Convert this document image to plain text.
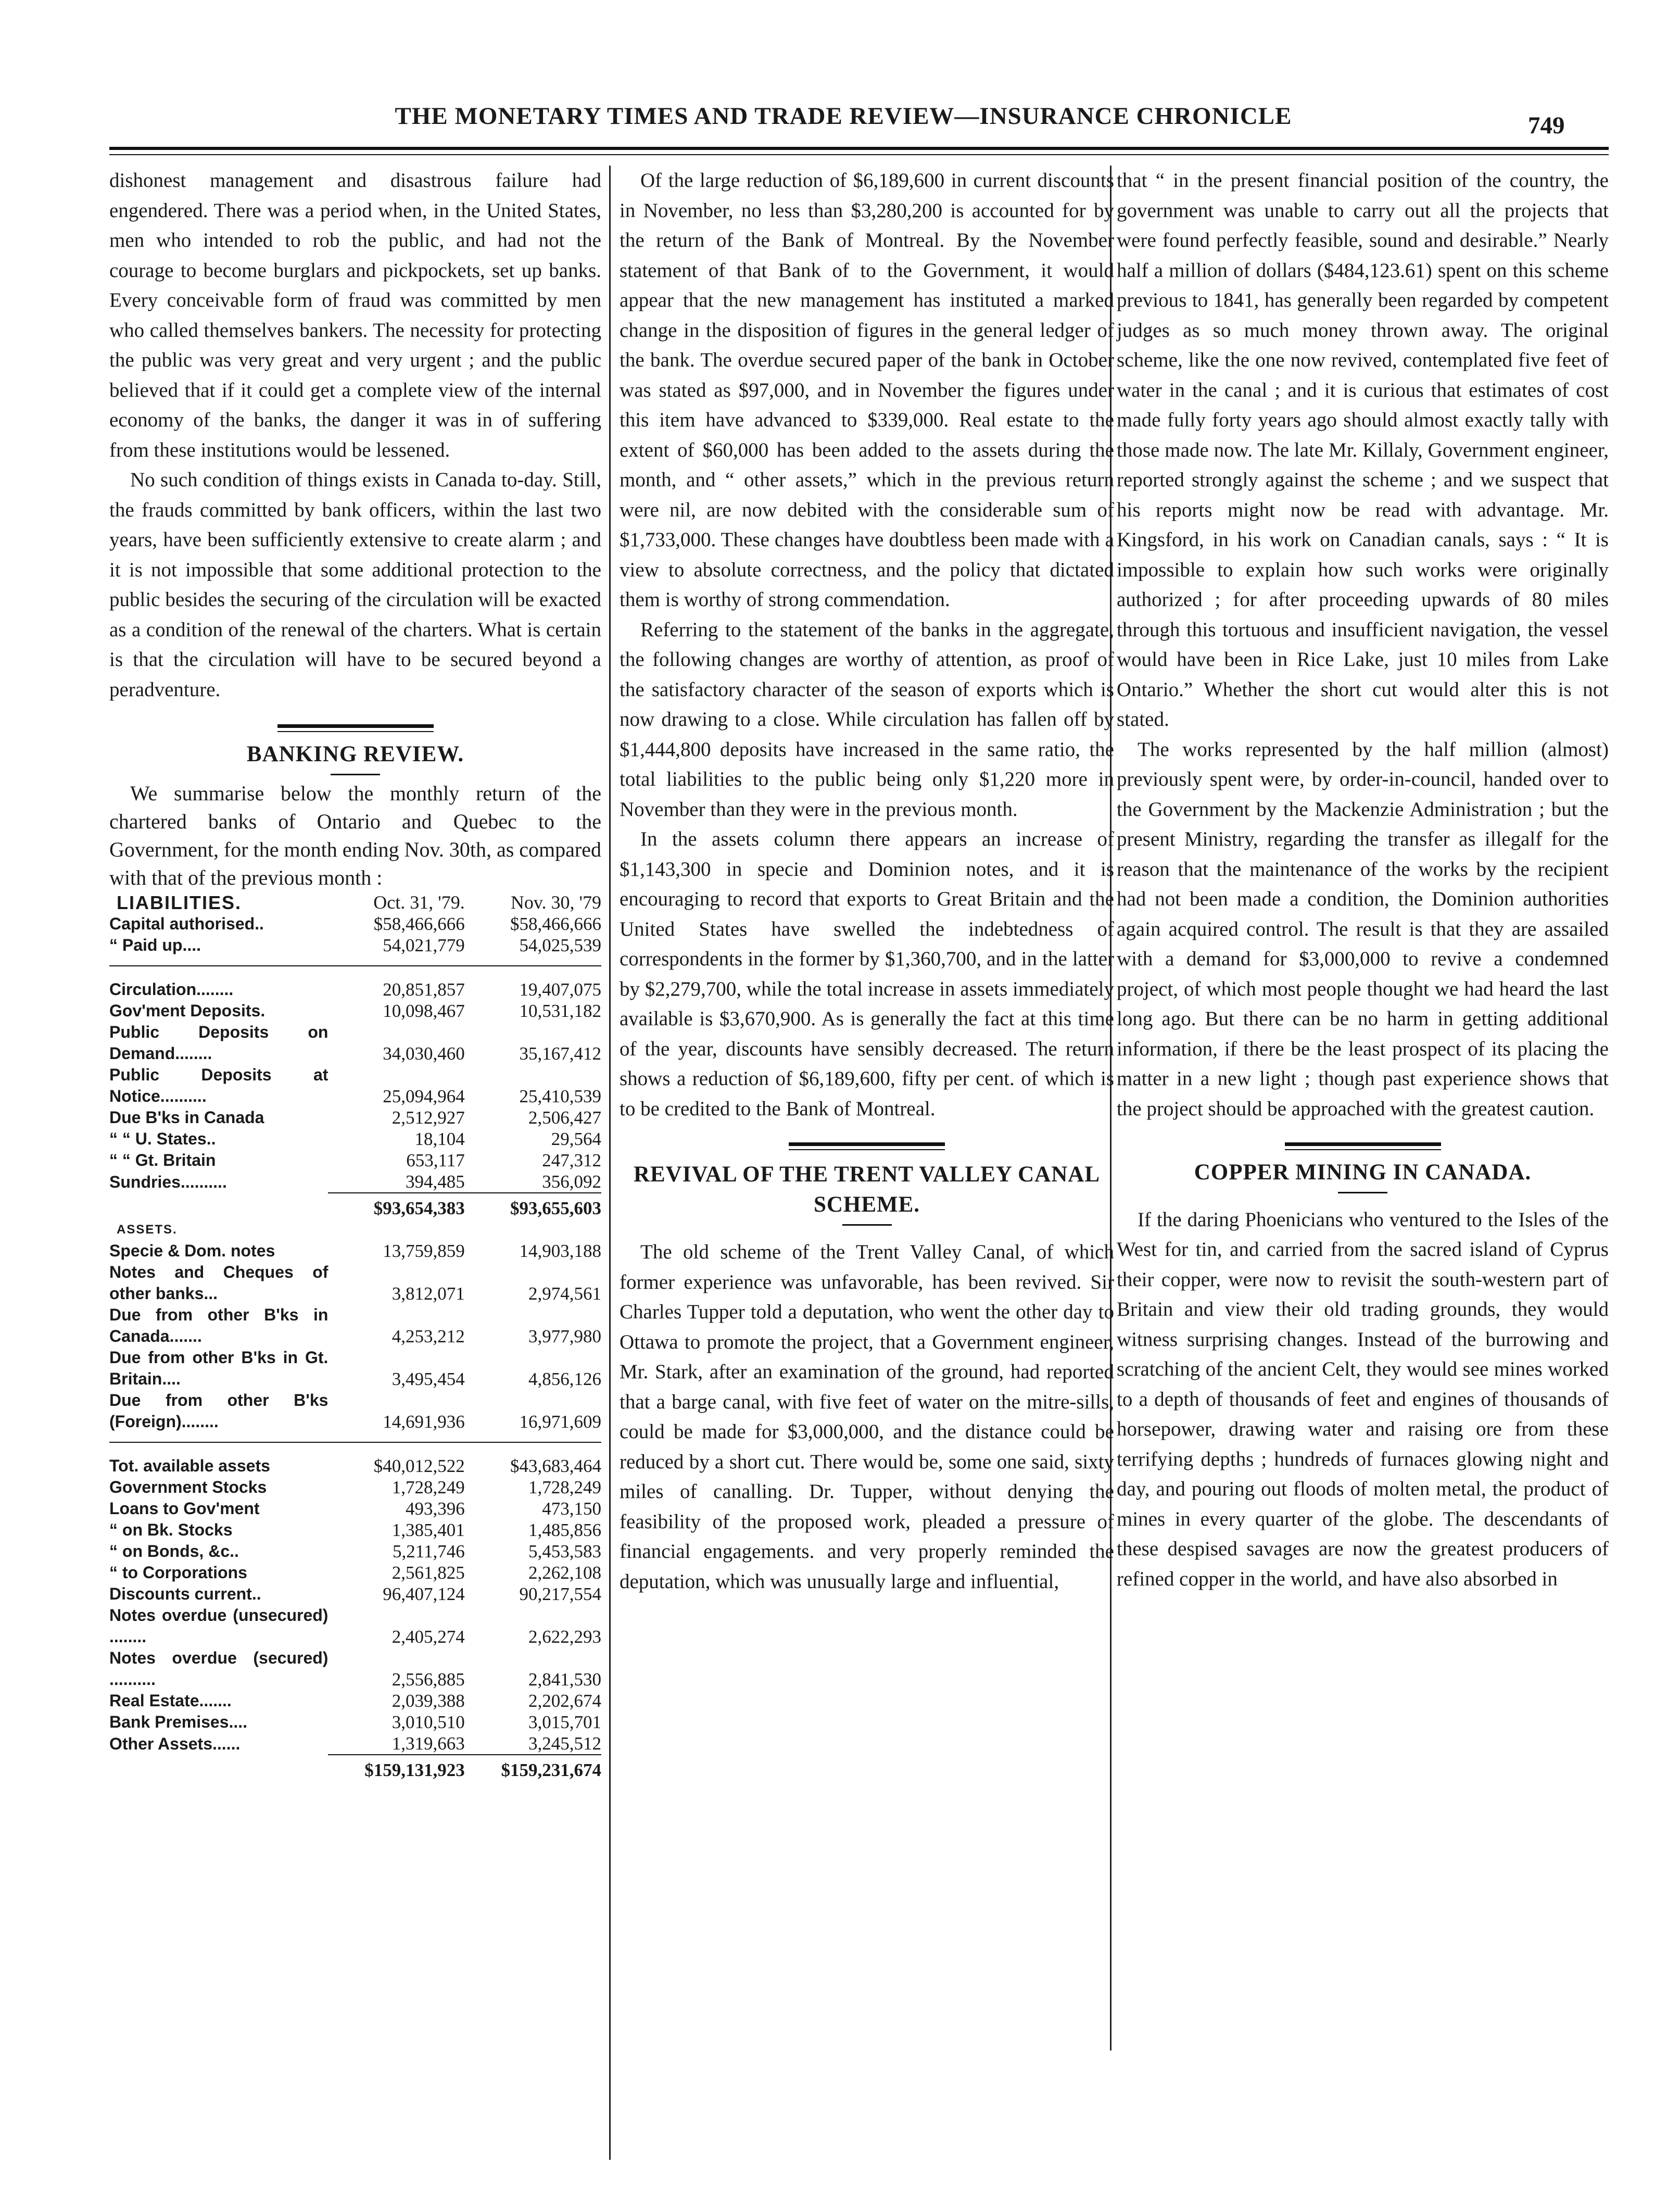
THE MONETARY TIMES AND TRADE REVIEW—INSURANCE CHRONICLE	749

dishonest management and disastrous failure had engendered. There was a period when, in the United States, men who intended to rob the public, and had not the courage to become burglars and pickpockets, set up banks. Every conceivable form of fraud was committed by men who called themselves bankers. The necessity for protecting the public was very great and very urgent ; and the public believed that if it could get a complete view of the internal economy of the banks, the danger it was in of suffering from these institutions would be lessened.

No such condition of things exists in Canada to-day. Still, the frauds committed by bank officers, within the last two years, have been sufficiently extensive to create alarm ; and it is not impossible that some additional protection to the public besides the securing of the circulation will be exacted as a condition of the renewal of the charters. What is certain is that the circulation will have to be secured beyond a peradventure.

BANKING REVIEW.

We summarise below the monthly return of the chartered banks of Ontario and Quebec to the Government, for the month ending Nov. 30th, as compared with that of the previous month :

LIABILITIES.	Oct. 31, '79.	Nov. 30, '79
Capital authorised..	$58,466,666	$58,466,666
“ Paid up....	54,021,779	54,025,539

Circulation........	20,851,857	19,407,075
Gov'ment Deposits.	10,098,467	10,531,182
Public Deposits on Demand........	34,030,460	35,167,412
Public Deposits at Notice..........	25,094,964	25,410,539
Due B'ks in Canada	2,512,927	2,506,427
“ “ U. States..	18,104	29,564
“ “ Gt. Britain	653,117	247,312
Sundries..........	394,485	356,092
	$93,654,383	$93,655,603
ASSETS.		
Specie & Dom. notes	13,759,859	14,903,188
Notes and Cheques of other banks...	3,812,071	2,974,561
Due from other B'ks in Canada.......	4,253,212	3,977,980
Due from other B'ks in Gt. Britain....	3,495,454	4,856,126
Due from other B'ks (Foreign)........	14,691,936	16,971,609

Tot. available assets	$40,012,522	$43,683,464
Government Stocks	1,728,249	1,728,249
Loans to Gov'ment	493,396	473,150
“ on Bk. Stocks	1,385,401	1,485,856
“ on Bonds, &c..	5,211,746	5,453,583
“ to Corporations	2,561,825	2,262,108
Discounts current..	96,407,124	90,217,554
Notes overdue (unsecured) ........	2,405,274	2,622,293
Notes overdue (secured) ..........	2,556,885	2,841,530
Real Estate.......	2,039,388	2,202,674
Bank Premises....	3,010,510	3,015,701
Other Assets......	1,319,663	3,245,512
	$159,131,923	$159,231,674

Of the large reduction of $6,189,600 in current discounts in November, no less than $3,280,200 is accounted for by the return of the Bank of Montreal. By the November statement of that Bank of to the Government, it would appear that the new management has instituted a marked change in the disposition of figures in the general ledger of the bank. The overdue secured paper of the bank in October was stated as $97,000, and in November the figures under this item have advanced to $339,000. Real estate to the extent of $60,000 has been added to the assets during the month, and “ other assets,” which in the previous return were nil, are now debited with the considerable sum of $1,733,000. These changes have doubtless been made with a view to absolute correctness, and the policy that dictated them is worthy of strong commendation.

Referring to the statement of the banks in the aggregate, the following changes are worthy of attention, as proof of the satisfactory character of the season of exports which is now drawing to a close. While circulation has fallen off by $1,444,800 deposits have increased in the same ratio, the total liabilities to the public being only $1,220 more in November than they were in the previous month.

In the assets column there appears an increase of $1,143,300 in specie and Dominion notes, and it is encouraging to record that exports to Great Britain and the United States have swelled the indebtedness of correspondents in the former by $1,360,700, and in the latter by $2,279,700, while the total increase in assets immediately available is $3,670,900. As is generally the fact at this time of the year, discounts have sensibly decreased. The return shows a reduction of $6,189,600, fifty per cent. of which is to be credited to the Bank of Montreal.

REVIVAL OF THE TRENT VALLEY CANAL SCHEME.

The old scheme of the Trent Valley Canal, of which former experience was unfavorable, has been revived. Sir Charles Tupper told a deputation, who went the other day to Ottawa to promote the project, that a Government engineer, Mr. Stark, after an examination of the ground, had reported that a barge canal, with five feet of water on the mitre-sills, could be made for $3,000,000, and the distance could be reduced by a short cut. There would be, some one said, sixty miles of canalling. Dr. Tupper, without denying the feasibility of the proposed work, pleaded a pressure of financial engagements. and very properly reminded the deputation, which was unusually large and influential,

that “ in the present financial position of the country, the government was unable to carry out all the projects that were found perfectly feasible, sound and desirable.” Nearly half a million of dollars ($484,123.61) spent on this scheme previous to 1841, has generally been regarded by competent judges as so much money thrown away. The original scheme, like the one now revived, contemplated five feet of water in the canal ; and it is curious that estimates of cost made fully forty years ago should almost exactly tally with those made now. The late Mr. Killaly, Government engineer, reported strongly against the scheme ; and we suspect that his reports might now be read with advantage. Mr. Kingsford, in his work on Canadian canals, says : “ It is impossible to explain how such works were originally authorized ; for after proceeding upwards of 80 miles through this tortuous and insufficient navigation, the vessel would have been in Rice Lake, just 10 miles from Lake Ontario.” Whether the short cut would alter this is not stated.

The works represented by the half million (almost) previously spent were, by order-in-council, handed over to the Government by the Mackenzie Administration ; but the present Ministry, regarding the transfer as illegalf for the reason that the maintenance of the works by the recipient had not been made a condition, the Dominion authorities again acquired control. The result is that they are assailed with a demand for $3,000,000 to revive a condemned project, of which most people thought we had heard the last long ago. But there can be no harm in getting additional information, if there be the least prospect of its placing the matter in a new light ; though past experience shows that the project should be approached with the greatest caution.

COPPER MINING IN CANADA.

If the daring Phoenicians who ventured to the Isles of the West for tin, and carried from the sacred island of Cyprus their copper, were now to revisit the south-western part of Britain and view their old trading grounds, they would witness surprising changes. Instead of the burrowing and scratching of the ancient Celt, they would see mines worked to a depth of thousands of feet and engines of thousands of horsepower, drawing water and raising ore from these terrifying depths ; hundreds of furnaces glowing night and day, and pouring out floods of molten metal, the product of mines in every quarter of the globe. The descendants of these despised savages are now the greatest producers of refined copper in the world, and have also absorbed in
